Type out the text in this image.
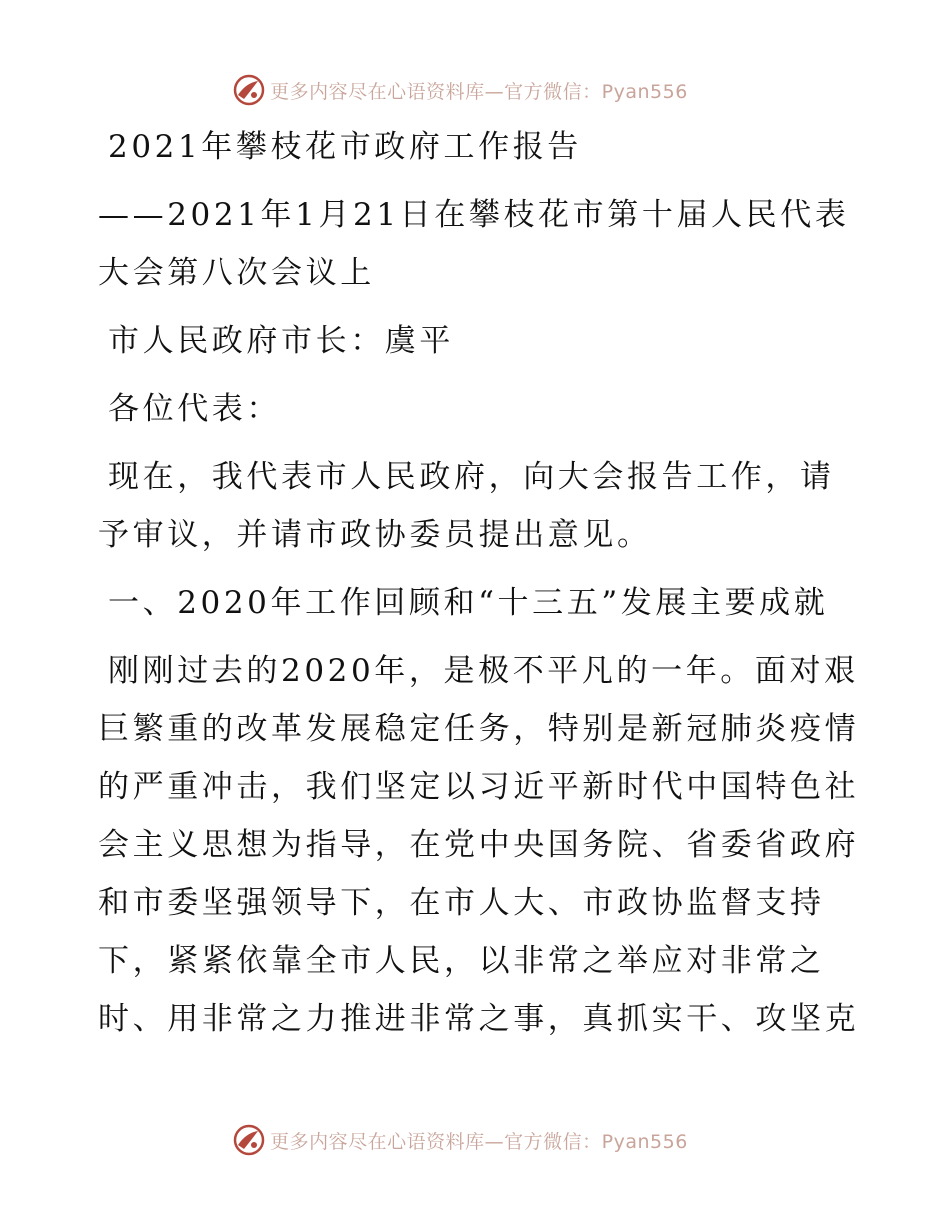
更多内容尽在心语资料库—官方微信：Pyan556
2021年攀枝花市政府工作报告
——2021年1月21日在攀枝花市第十届人民代表
大会第八次会议上
市人民政府市长：虞平
各位代表：
现在，我代表市人民政府，向大会报告工作，请
予审议，并请市政协委员提出意见。
一、2020年工作回顾和“十三五”发展主要成就
刚刚过去的2020年，是极不平凡的一年。面对艰
巨繁重的改革发展稳定任务，特别是新冠肺炎疫情
的严重冲击，我们坚定以习近平新时代中国特色社
会主义思想为指导，在党中央国务院、省委省政府
和市委坚强领导下，在市人大、市政协监督支持
下，紧紧依靠全市人民，以非常之举应对非常之
时、用非常之力推进非常之事，真抓实干、攻坚克
更多内容尽在心语资料库—官方微信：Pyan556
